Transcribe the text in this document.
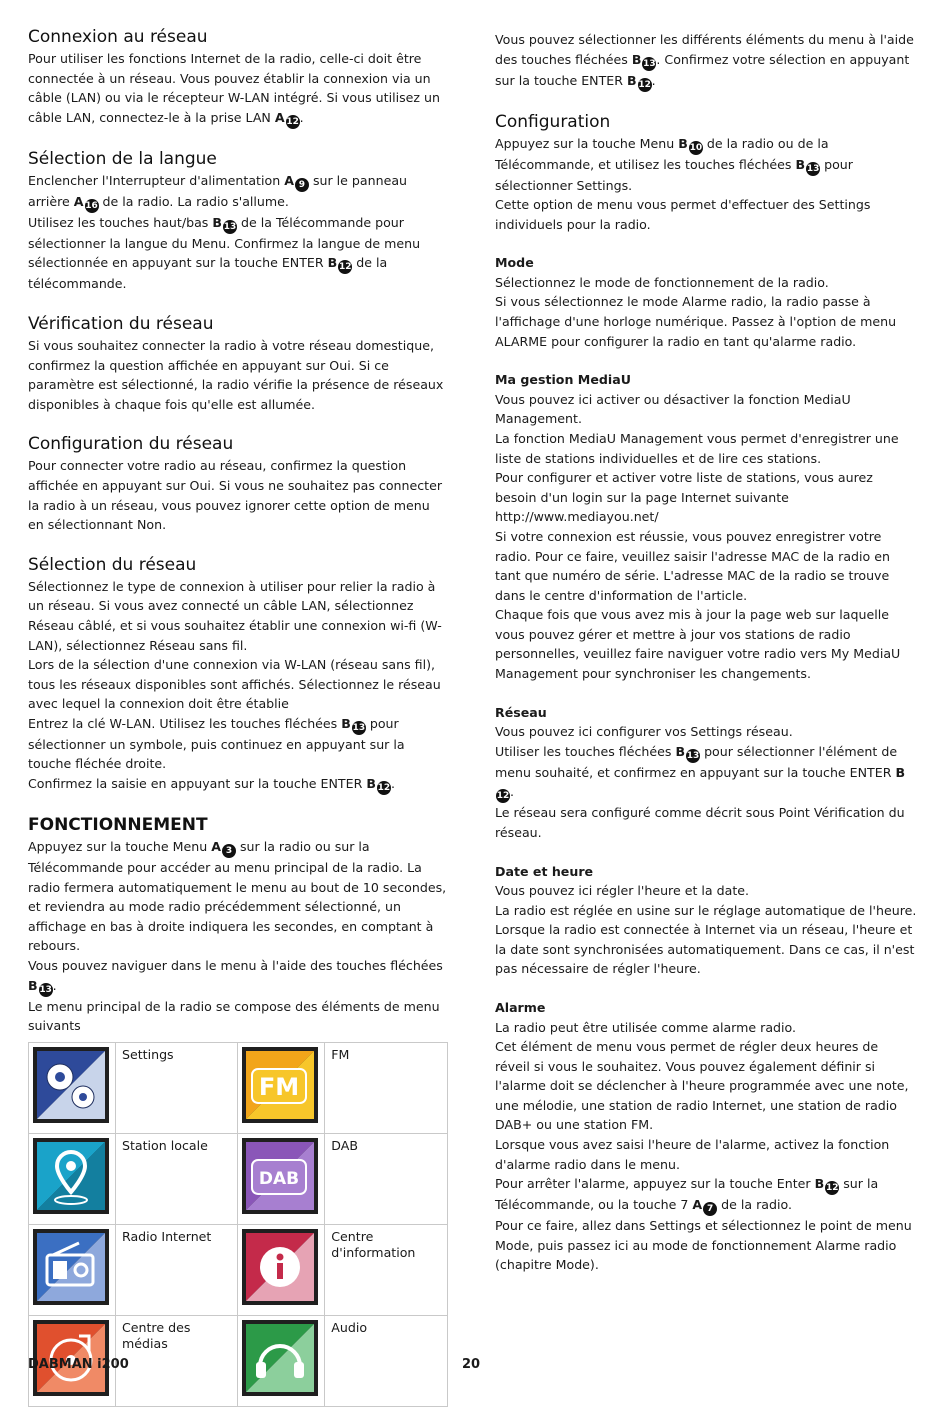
Connexion au réseau

Pour utiliser les fonctions Internet de la radio, celle-ci doit être connectée à un réseau. Vous pouvez établir la connexion via un câble (LAN) ou via le récepteur W-LAN intégré. Si vous utilisez un câble LAN, connectez-le à la prise LAN A 12.

Sélection de la langue

Enclencher l'Interrupteur d'alimentation A 9 sur le panneau arrière A 16 de la radio. La radio s'allume.

Utilisez les touches haut/bas B 13 de la Télécommande pour sélectionner la langue du Menu. Confirmez la langue de menu sélectionnée en appuyant sur la touche ENTER B 12 de la télécommande.

Vérification du réseau

Si vous souhaitez connecter la radio à votre réseau domestique, confirmez la question affichée en appuyant sur Oui. Si ce paramètre est sélectionné, la radio vérifie la présence de réseaux disponibles à chaque fois qu'elle est allumée.

Configuration du réseau

Pour connecter votre radio au réseau, confirmez la question affichée en appuyant sur Oui. Si vous ne souhaitez pas connecter la radio à un réseau, vous pouvez ignorer cette option de menu en sélectionnant Non.

Sélection du réseau

Sélectionnez le type de connexion à utiliser pour relier la radio à un réseau. Si vous avez connecté un câble LAN, sélectionnez Réseau câblé, et si vous souhaitez établir une connexion wi-fi (W-LAN), sélectionnez Réseau sans fil.

Lors de la sélection d'une connexion via W-LAN (réseau sans fil), tous les réseaux disponibles sont affichés. Sélectionnez le réseau avec lequel la connexion doit être établie

Entrez la clé W-LAN. Utilisez les touches fléchées B 13 pour sélectionner un symbole, puis continuez en appuyant sur la touche fléchée droite.

Confirmez la saisie en appuyant sur la touche ENTER B 12.

FONCTIONNEMENT

Appuyez sur la touche Menu A 3 sur la radio ou sur la Télécommande pour accéder au menu principal de la radio. La radio fermera automatiquement le menu au bout de 10 secondes, et reviendra au mode radio précédemment sélectionné, un affichage en bas à droite indiquera les secondes, en comptant à rebours.

Vous pouvez naviguer dans le menu à l'aide des touches fléchées
B 13.

Le menu principal de la radio se compose des éléments de menu suivants

	Settings	FM	FM

	Station locale	DAB	DAB

	Radio Internet		Centre d'information

	Centre des médias		Audio

Vous pouvez sélectionner les différents éléments du menu à l'aide des touches fléchées B 13. Confirmez votre sélection en appuyant sur la touche ENTER B 12.

Configuration

Appuyez sur la touche Menu B 10 de la radio ou de la Télécommande, et utilisez les touches fléchées B 13 pour sélectionner Settings.

Cette option de menu vous permet d'effectuer des Settings individuels pour la radio.

Mode

Sélectionnez le mode de fonctionnement de la radio.

Si vous sélectionnez le mode Alarme radio, la radio passe à l'affichage d'une horloge numérique. Passez à l'option de menu ALARME pour configurer la radio en tant qu'alarme radio.

Ma gestion MediaU

Vous pouvez ici activer ou désactiver la fonction MediaU Management.

La fonction MediaU Management vous permet d'enregistrer une liste de stations individuelles et de lire ces stations.

Pour configurer et activer votre liste de stations, vous aurez besoin d'un login sur la page Internet suivante http://www.mediayou.net/

Si votre connexion est réussie, vous pouvez enregistrer votre radio. Pour ce faire, veuillez saisir l'adresse MAC de la radio en tant que numéro de série. L'adresse MAC de la radio se trouve dans le centre d'information de l'article.

Chaque fois que vous avez mis à jour la page web sur laquelle vous pouvez gérer et mettre à jour vos stations de radio personnelles, veuillez faire naviguer votre radio vers My MediaU Management pour synchroniser les changements.

Réseau

Vous pouvez ici configurer vos Settings réseau.

Utiliser les touches fléchées B 13 pour sélectionner l'élément de menu souhaité, et confirmez en appuyant sur la touche ENTER B12.

Le réseau sera configuré comme décrit sous Point Vérification du réseau.

Date et heure

Vous pouvez ici régler l'heure et la date.

La radio est réglée en usine sur le réglage automatique de l'heure. Lorsque la radio est connectée à Internet via un réseau, l'heure et la date sont synchronisées automatiquement. Dans ce cas, il n'est pas nécessaire de régler l'heure.

Alarme

La radio peut être utilisée comme alarme radio.

Cet élément de menu vous permet de régler deux heures de réveil si vous le souhaitez. Vous pouvez également définir si l'alarme doit se déclencher à l'heure programmée avec une note, une mélodie, une station de radio Internet, une station de radio DAB+ ou une station FM.

Lorsque vous avez saisi l'heure de l'alarme, activez la fonction d'alarme radio dans le menu.

Pour arrêter l'alarme, appuyez sur la touche Enter B 12 sur la Télécommande, ou la touche 7 A 7 de la radio.

Pour ce faire, allez dans Settings et sélectionnez le point de menu Mode, puis passez ici au mode de fonctionnement Alarme radio (chapitre Mode).

DABMAN i200	20
